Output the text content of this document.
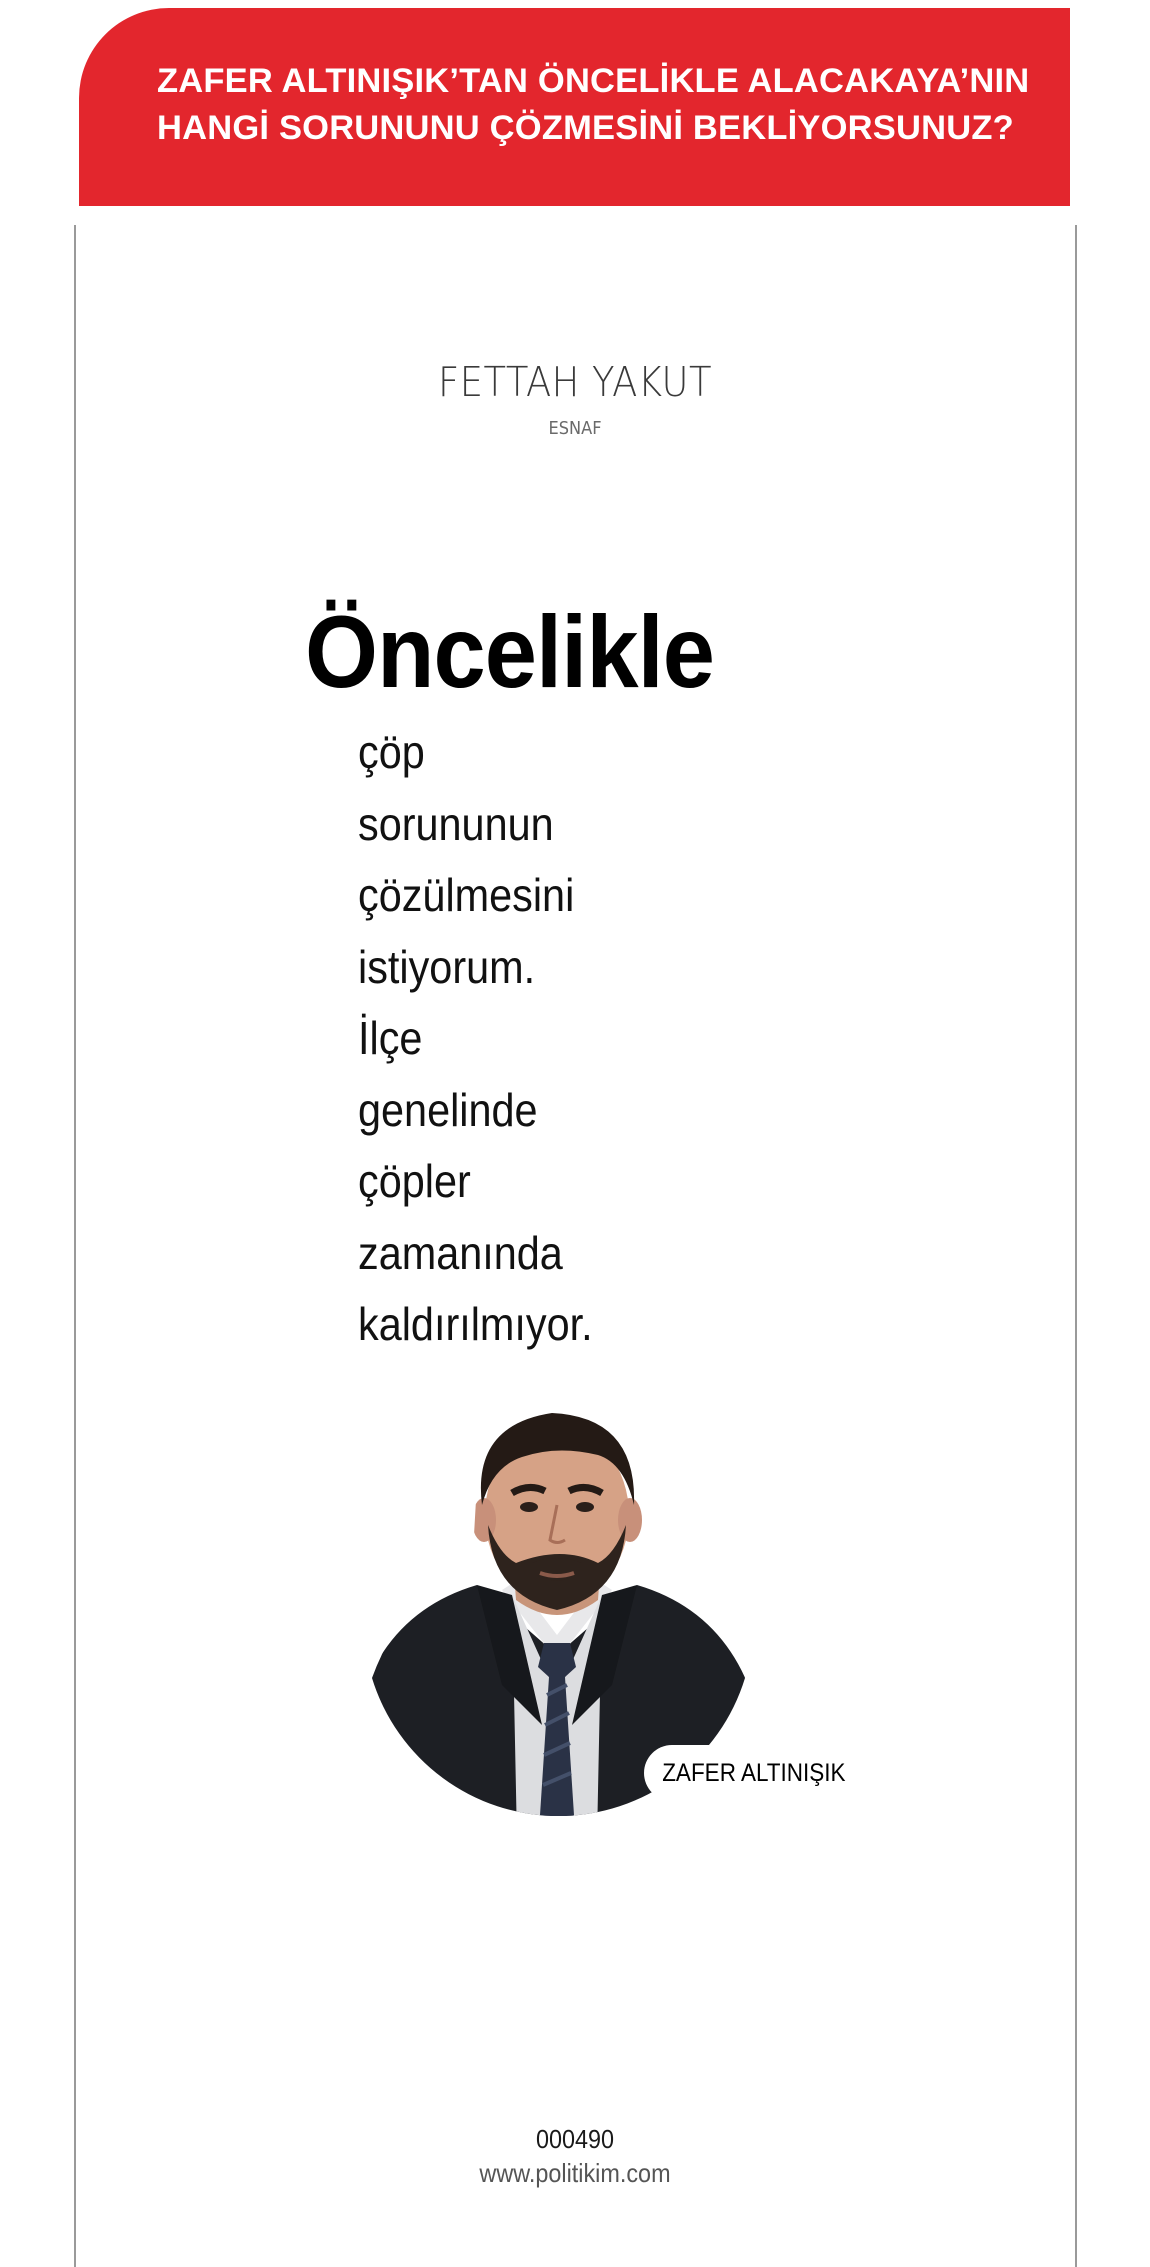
ZAFER ALTINIŞIK’TAN ÖNCELİKLE ALACAKAYA’NIN
HANGİ SORUNUNU ÇÖZMESİNİ BEKLİYORSUNUZ?
FETTAH YAKUT
ESNAF
Öncelikle
çöp
sorununun
çözülmesini
istiyorum.
İlçe
genelinde
çöpler
zamanında
kaldırılmıyor.
ZAFER ALTINIŞIK
000490
www.politikim.com
